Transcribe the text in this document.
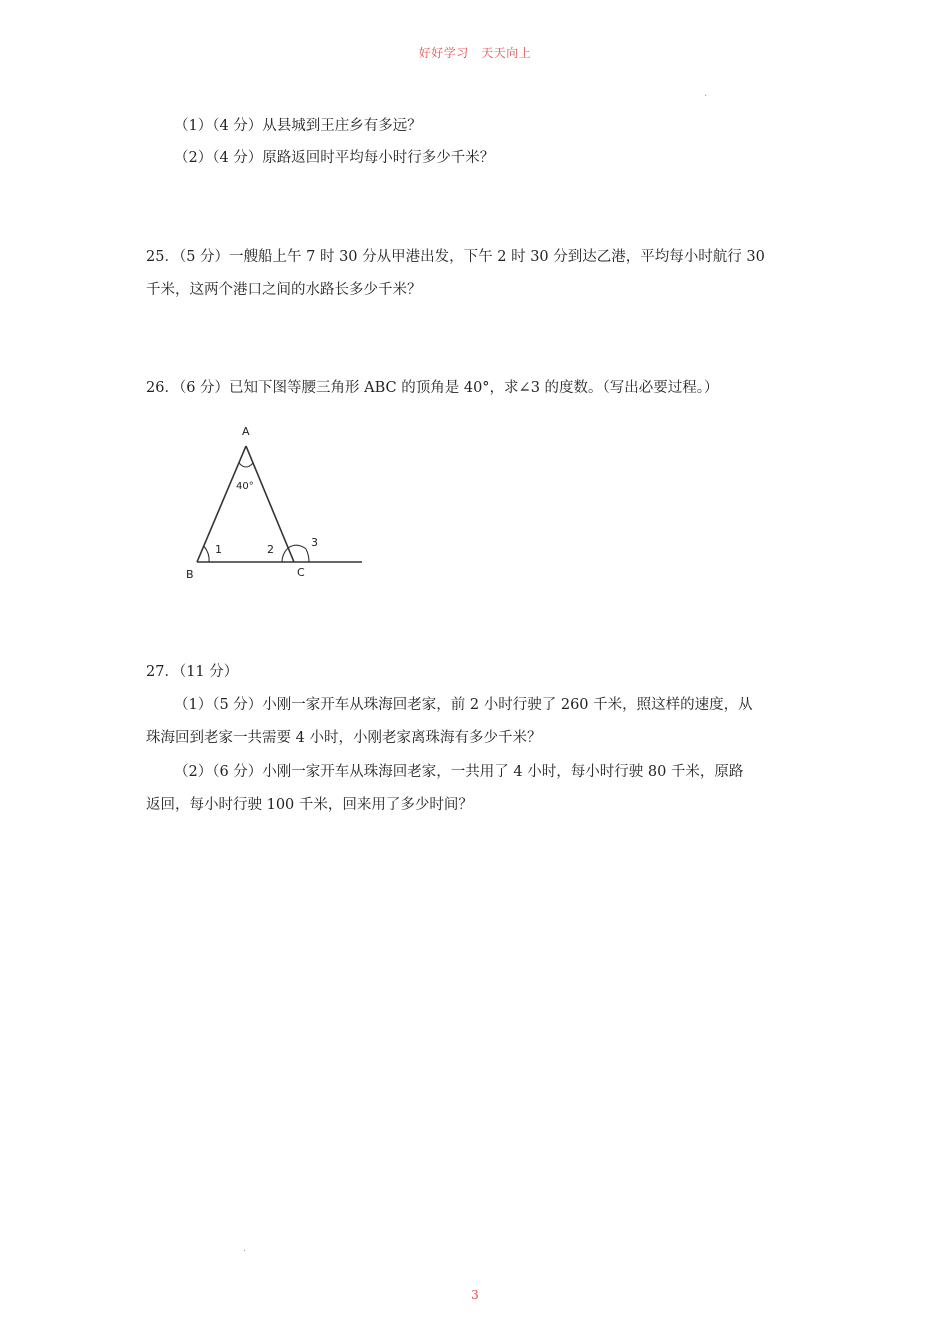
好好学习　天天向上
.
（1）（4 分）从县城到王庄乡有多远？
（2）（4 分）原路返回时平均每小时行多少千米？
25．（5 分）一艘船上午 7 时 30 分从甲港出发，下午 2 时 30 分到达乙港，平均每小时航行 30
千米，这两个港口之间的水路长多少千米？
26．（6 分）已知下图等腰三角形 ABC 的顶角是 40°，求∠3 的度数。（写出必要过程。）
A
40°
1	2
3
B	C
27．（11 分）
（1）（5 分）小刚一家开车从珠海回老家，前 2 小时行驶了 260 千米，照这样的速度，从
珠海回到老家一共需要 4 小时，小刚老家离珠海有多少千米？
（2）（6 分）小刚一家开车从珠海回老家，一共用了 4 小时，每小时行驶 80 千米，原路
返回，每小时行驶 100 千米，回来用了多少时间？
.
3
